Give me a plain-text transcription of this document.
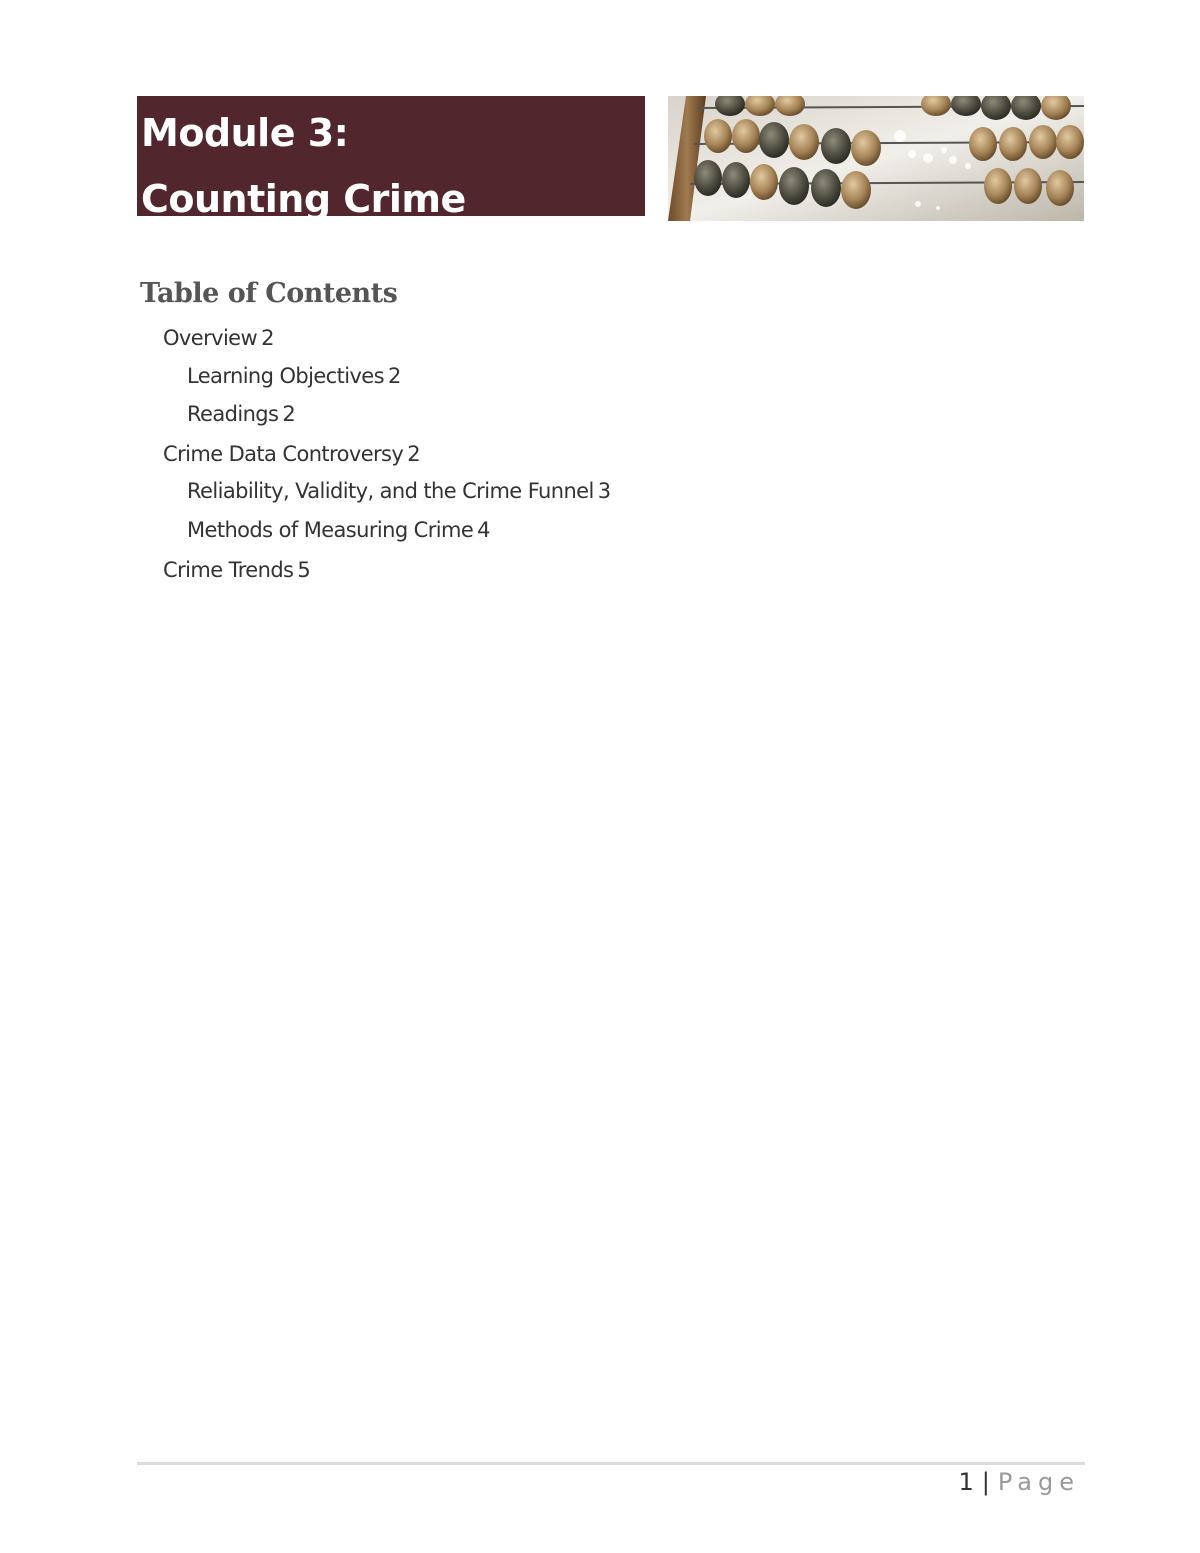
Module 3:
Counting Crime
Table of Contents
Overview 2
Learning Objectives 2
Readings 2
Crime Data Controversy 2
Reliability, Validity, and the Crime Funnel 3
Methods of Measuring Crime 4
Crime Trends 5
1 | Page
